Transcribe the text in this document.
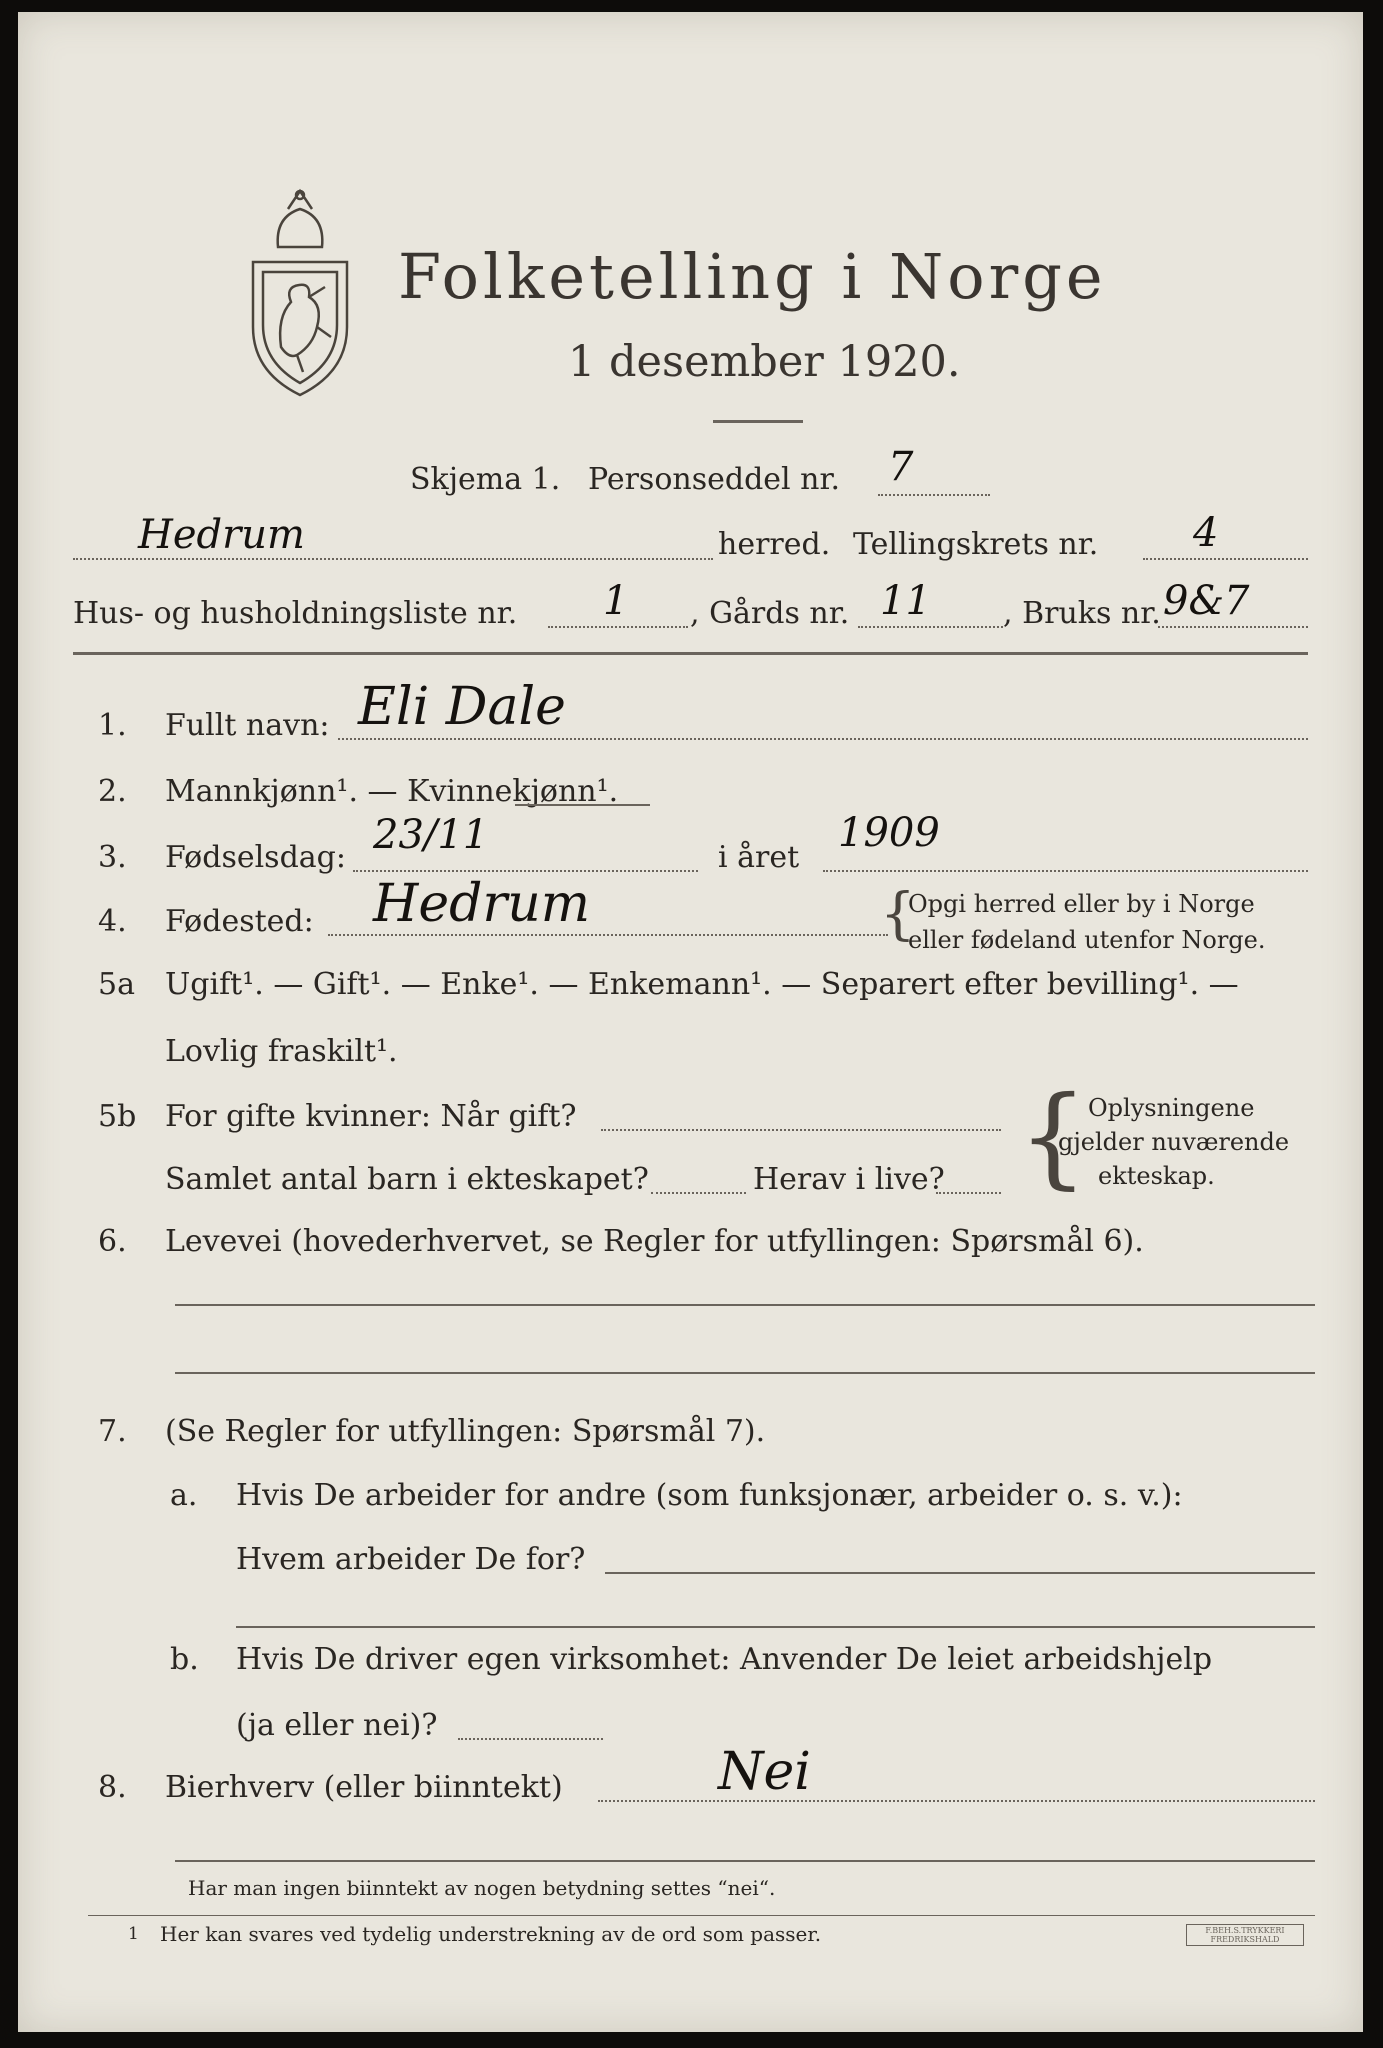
Folketelling i Norge
1 desember 1920.
Skjema 1. Personseddel nr. 7
Hedrum	herred. Tellingskrets nr. 4
Hus- og husholdningsliste nr. 1 , Gårds nr. 11 , Bruks nr. 9&7
1. Fullt navn: Eli Dale
2. Mannkjønn¹. — Kvinnekjønn¹.
3. Fødselsdag: 23/11	i året
1909
4. Fødested: Hedrum	{
Opgi herred eller by i Norge
eller fødeland utenfor Norge.
5a Ugift¹. — Gift¹. — Enke¹. — Enkemann¹. — Separert efter bevilling¹. —
Lovlig fraskilt¹.
5b For gifte kvinner: Når gift?
Samlet antal barn i ekteskapet?	Herav i live? { Oplysningene
gjelder nuværende
ekteskap.
6. Levevei (hovederhvervet, se Regler for utfyllingen: Spørsmål 6).
7. (Se Regler for utfyllingen: Spørsmål 7).
a. Hvis De arbeider for andre (som funksjonær, arbeider o. s. v.):
Hvem arbeider De for?
b. Hvis De driver egen virksomhet: Anvender De leiet arbeidshjelp
(ja eller nei)?
8. Bierhverv (eller biinntekt)	Nei
Har man ingen biinntekt av nogen betydning settes “nei“.
1 Her kan svares ved tydelig understrekning av de ord som passer.	F.BEH.S.TRYKKERI FREDRIKSHALD
